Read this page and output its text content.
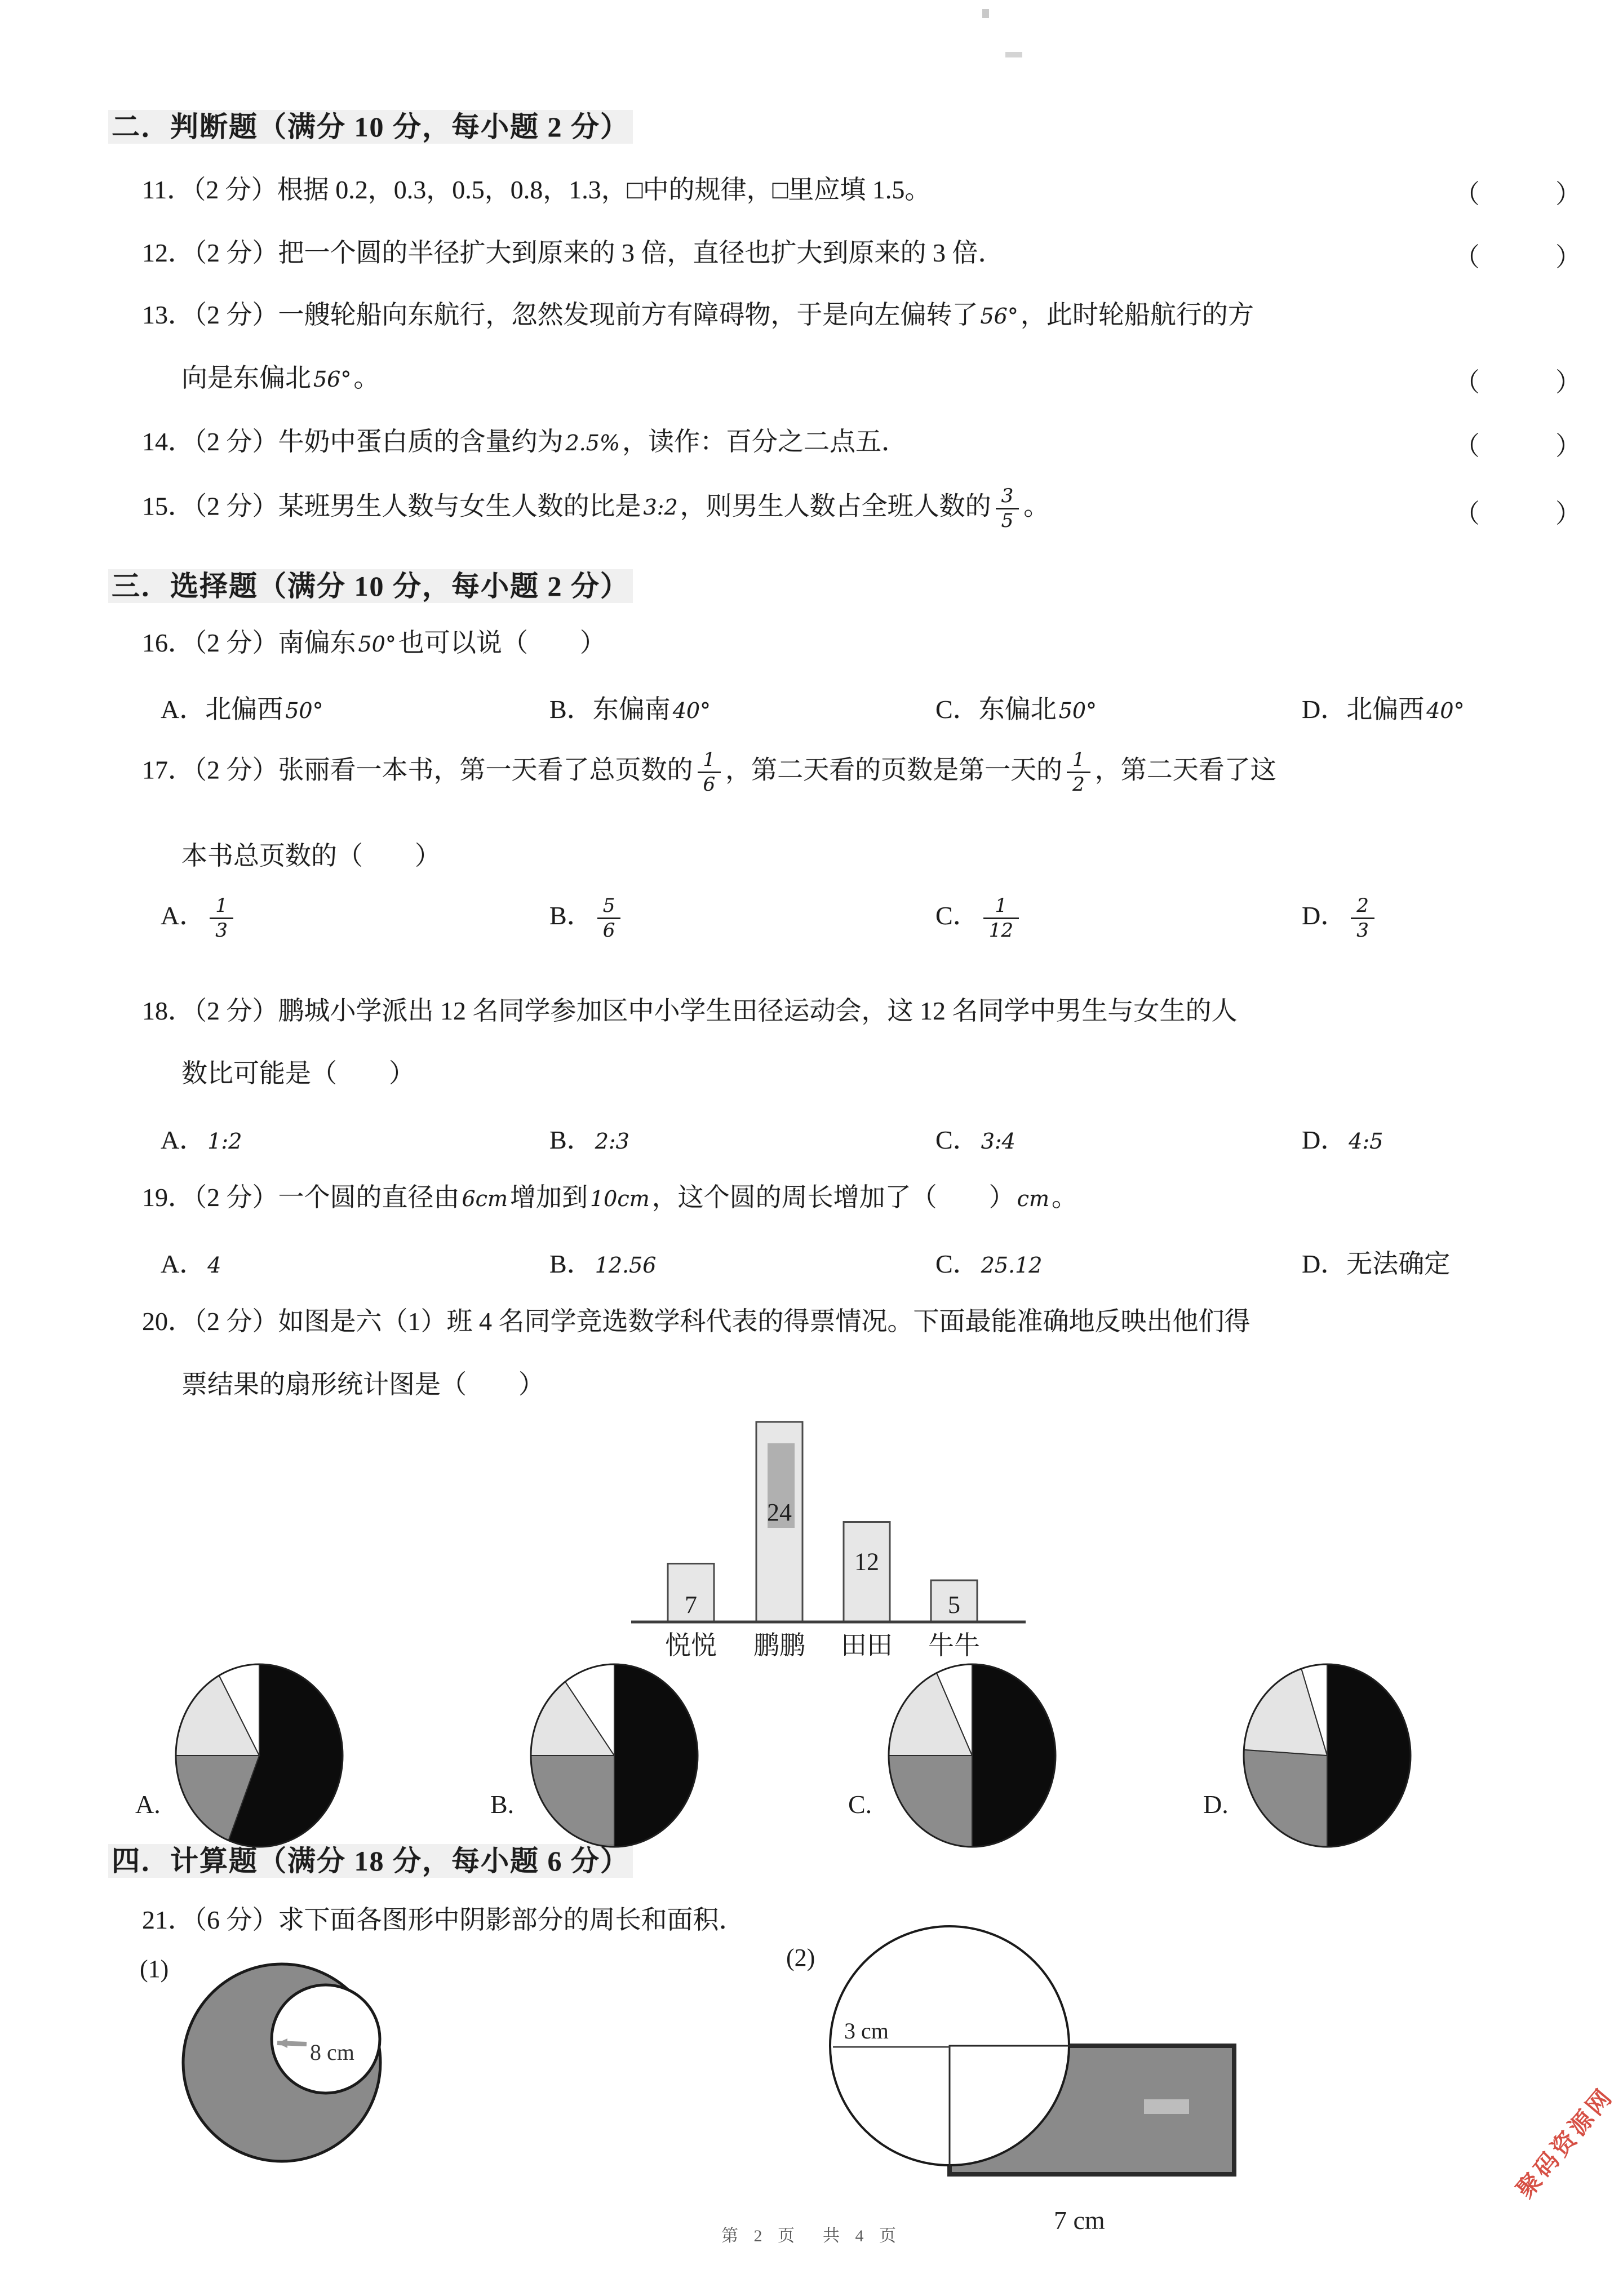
二．判断题（满分 10 分，每小题 2 分）
11．（2 分）根据 0.2，0.3，0.5，0.8，1.3，□中的规律，□里应填 1.5。	（　　）
12．（2 分）把一个圆的半径扩大到原来的 3 倍，直径也扩大到原来的 3 倍．	（　　）
13．（2 分）一艘轮船向东航行，忽然发现前方有障碍物，于是向左偏转了 56°，此时轮船航行的方
向是东偏北 56°。	（　　）
14．（2 分）牛奶中蛋白质的含量约为 2.5%，读作：百分之二点五．	（　　）
15．（2 分）某班男生人数与女生人数的比是 3:2，则男生人数占全班人数的 $\frac{3}{5}$ 。	（　　）
三．选择题（满分 10 分，每小题 2 分）
16．（2 分）南偏东 50°也可以说（　　）
A．北偏西 50°	B．东偏南 40°	C．东偏北 50°	D．北偏西 40°
17．（2 分）张丽看一本书，第一天看了总页数的 $\frac{1}{6}$ ，第二天看的页数是第一天的 $\frac{1}{2}$ ，第二天看了这
本书总页数的（　　）
A． $\frac{1}{3}$	B． $\frac{5}{6}$	C． $\frac{1}{12}$	D． $\frac{2}{3}$
18．（2 分）鹏城小学派出 12 名同学参加区中小学生田径运动会，这 12 名同学中男生与女生的人
数比可能是（　　）
A． 1:2	B． 2:3	C． 3:4	D． 4:5
19．（2 分）一个圆的直径由 6cm增加到 10cm，这个圆的周长增加了（　　） cm。
A． 4	B． 12.56	C． 25.12	D．无法确定
20．（2 分）如图是六（1）班 4 名同学竞选数学科代表的得票情况。下面最能准确地反映出他们得
票结果的扇形统计图是（　　）
7
悦悦
24
鹏鹏
12
田田
5
牛牛
A.	B.	C.	D.
四．计算题（满分 18 分，每小题 6 分）
21．（6 分）求下面各图形中阴影部分的周长和面积．
(1)
8 cm
(2)
3 cm
7 cm
第 2 页　共 4 页
聚码资源网
